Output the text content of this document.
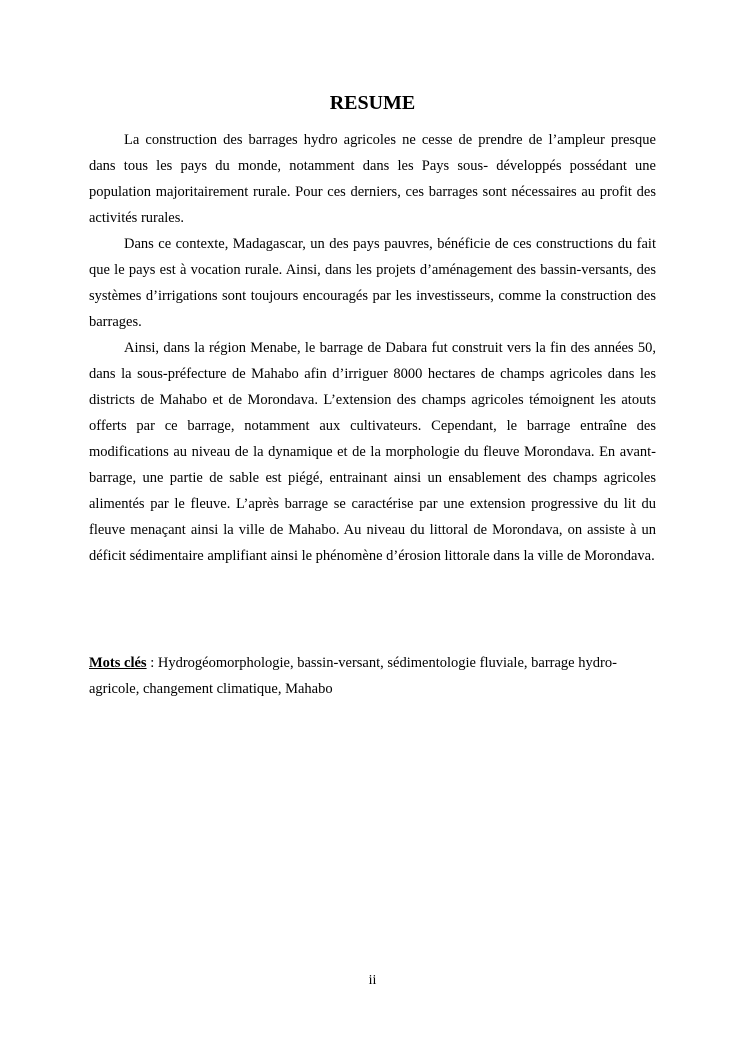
RESUME

La construction des barrages hydro agricoles ne cesse de prendre de l’ampleur presque dans tous les pays du monde, notamment dans les Pays sous- développés possédant une population majoritairement rurale. Pour ces derniers, ces barrages sont nécessaires au profit des activités rurales.

Dans ce contexte, Madagascar, un des pays pauvres, bénéficie de ces constructions du fait que le pays est à vocation rurale. Ainsi, dans les projets d’aménagement des bassin-versants, des systèmes d’irrigations sont toujours encouragés par les investisseurs, comme la construction des barrages.

Ainsi, dans la région Menabe, le barrage de Dabara fut construit vers la fin des années 50, dans la sous-préfecture de Mahabo afin d’irriguer 8000 hectares de champs agricoles dans les districts de Mahabo et de Morondava. L’extension des champs agricoles témoignent les atouts offerts par ce barrage, notamment aux cultivateurs. Cependant, le barrage entraîne des modifications au niveau de la dynamique et de la morphologie du fleuve Morondava. En avant-barrage, une partie de sable est piégé, entrainant ainsi un ensablement des champs agricoles alimentés par le fleuve. L’après barrage se caractérise par une extension progressive du lit du fleuve menaçant ainsi la ville de Mahabo. Au niveau du littoral de Morondava, on assiste à un déficit sédimentaire amplifiant ainsi le phénomène d’érosion littorale dans la ville de Morondava.

Mots clés : Hydrogéomorphologie, bassin-versant, sédimentologie fluviale, barrage hydro-agricole, changement climatique, Mahabo

ii
